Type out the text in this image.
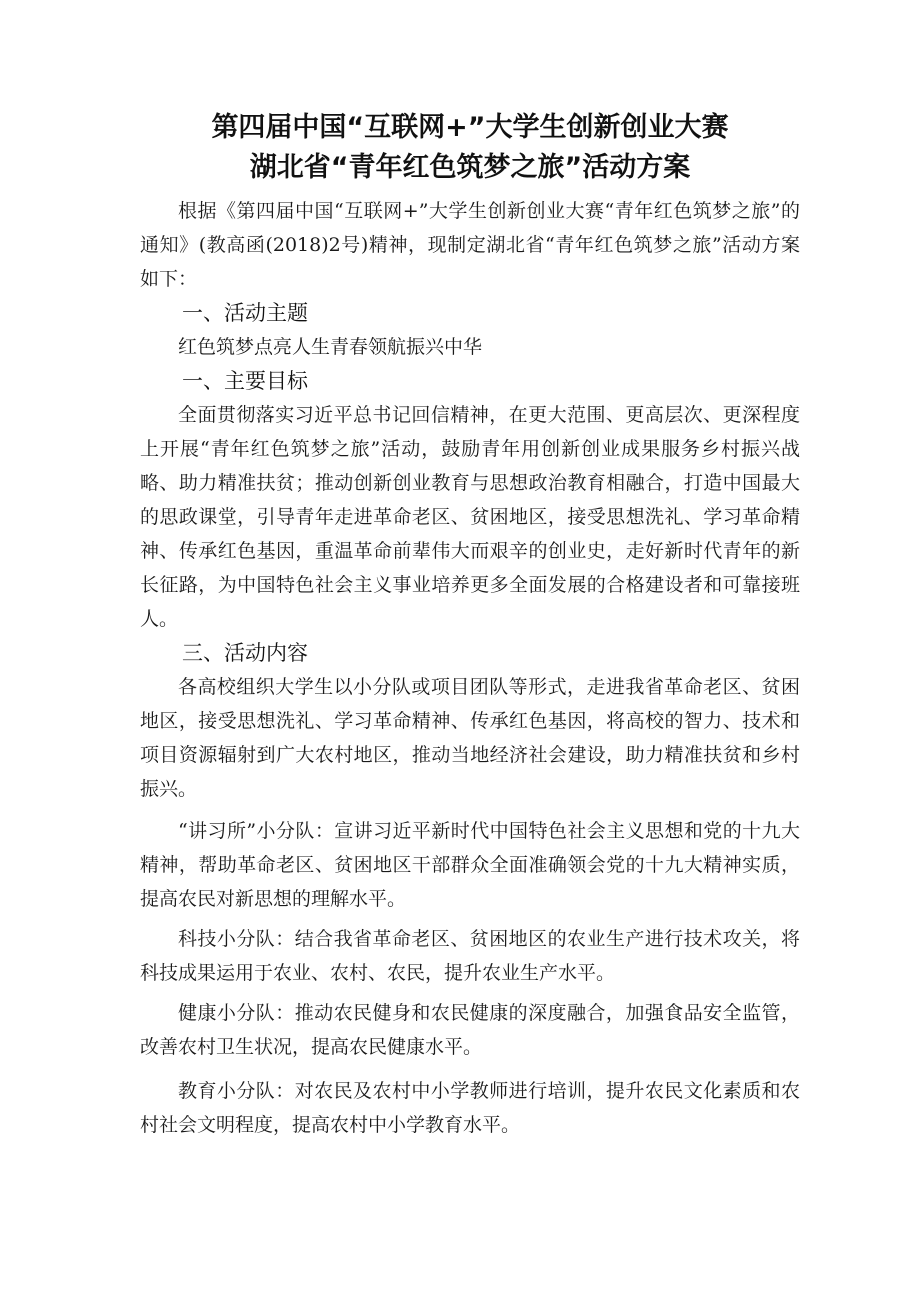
第四届中国“互联网+”大学生创新创业大赛
湖北省“青年红色筑梦之旅”活动方案

根据《第四届中国“互联网+”大学生创新创业大赛“青年红色筑梦之旅”的通知》(教高函(2018)2号)精神，现制定湖北省“青年红色筑梦之旅”活动方案如下：

一、活动主题

红色筑梦点亮人生青春领航振兴中华

一、主要目标

全面贯彻落实习近平总书记回信精神，在更大范围、更高层次、更深程度上开展“青年红色筑梦之旅”活动，鼓励青年用创新创业成果服务乡村振兴战略、助力精准扶贫；推动创新创业教育与思想政治教育相融合，打造中国最大的思政课堂，引导青年走进革命老区、贫困地区，接受思想洗礼、学习革命精神、传承红色基因，重温革命前辈伟大而艰辛的创业史，走好新时代青年的新长征路，为中国特色社会主义事业培养更多全面发展的合格建设者和可靠接班人。

三、活动内容

各高校组织大学生以小分队或项目团队等形式，走进我省革命老区、贫困地区，接受思想洗礼、学习革命精神、传承红色基因，将高校的智力、技术和项目资源辐射到广大农村地区，推动当地经济社会建设，助力精准扶贫和乡村振兴。

“讲习所”小分队：宣讲习近平新时代中国特色社会主义思想和党的十九大精神，帮助革命老区、贫困地区干部群众全面准确领会党的十九大精神实质，提高农民对新思想的理解水平。

科技小分队：结合我省革命老区、贫困地区的农业生产进行技术攻关，将科技成果运用于农业、农村、农民，提升农业生产水平。

健康小分队：推动农民健身和农民健康的深度融合，加强食品安全监管，改善农村卫生状况，提高农民健康水平。

教育小分队：对农民及农村中小学教师进行培训，提升农民文化素质和农村社会文明程度，提高农村中小学教育水平。
